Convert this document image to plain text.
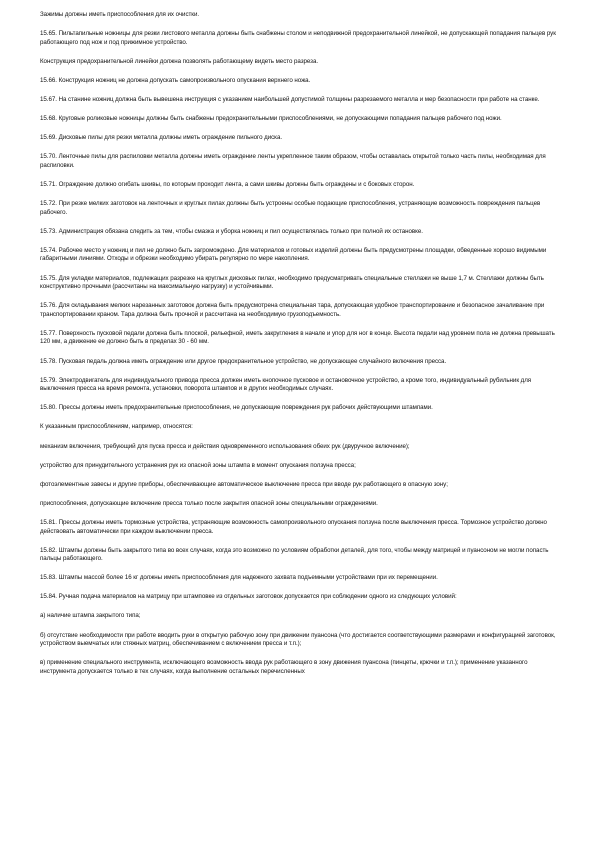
Зажимы должны иметь приспособления для их очистки.

15.65. Пильтапильные ножницы для резки листового металла должны быть снабжены столом и неподвижной предохранительной линейкой, не допускающей попадания пальцев рук работающего под нож и под прижимное устройство.

Конструкция предохранительной линейки должна позволять работающему видеть место разреза.

15.66. Конструкция ножниц не должна допускать самопроизвольного опускания верхнего ножа.

15.67. На станине ножниц должна быть вывешена инструкция с указанием наибольшей допустимой толщины разрезаемого металла и мер безопасности при работе на станке.

15.68. Круговые роликовые ножницы должны быть снабжены предохранительными приспособлениями, не допускающими попадания пальцев рабочего под ножи.

15.69. Дисковые пилы для резки металла должны иметь ограждение пильного диска.

15.70. Ленточные пилы для распиловки металла должны иметь ограждение ленты укрепленное таким образом, чтобы оставалась открытой только часть пилы, необходимая для распиловки.

15.71. Ограждение должно огибать шкивы, по которым проходит лента, а сами шкивы должны быть ограждены и с боковых сторон.

15.72. При резке мелких заготовок на ленточных и круглых пилах должны быть устроены особые подающие приспособления, устраняющие возможность повреждения пальцев рабочего.

15.73. Администрация обязана следить за тем, чтобы смазка и уборка ножниц и пил осуществлялась только при полной их остановке.

15.74. Рабочее место у ножниц и пил не должно быть загромождено. Для материалов и готовых изделий должны быть предусмотрены площадки, обведенные хорошо видимыми габаритными линиями. Отходы и обрезки необходимо убирать регулярно по мере накопления.

15.75. Для укладки материалов, подлежащих разрезке на круглых дисковых пилах, необходимо предусматривать специальные стеллажи не выше 1,7 м. Стеллажи должны быть конструктивно прочными (рассчитаны на максимальную нагрузку) и устойчивыми.

15.76. Для складывания мелких нарезанных заготовок должна быть предусмотрена специальная тара, допускающая удобное транспортирование и безопасное зачаливание при транспортировании краном. Тара должна быть прочной и рассчитана на необходимую грузоподъемность.

15.77. Поверхность пусковой педали должна быть плоской, рельефной, иметь закругления в начале и упор для ног в конце. Высота педали над уровнем пола не должна превышать 120 мм, а движение ее должно быть в пределах 30 - 60 мм.

15.78. Пусковая педаль должна иметь ограждение или другое предохранительное устройство, не допускающее случайного включения пресса.

15.79. Электродвигатель для индивидуального привода пресса должен иметь кнопочное пусковое и остановочное устройство, а кроме того, индивидуальный рубильник для выключения пресса на время ремонта, установки, поворота штампов и в других необходимых случаях.

15.80. Прессы должны иметь предохранительные приспособления, не допускающие повреждения рук рабочих действующими штампами.

К указанным приспособлениям, например, относятся:

механизм включения, требующий для пуска пресса и действия одновременного использования обеих рук (двуручное включение);

устройство для принудительного устранения рук из опасной зоны штампа в момент опускания ползуна пресса;

фотоэлементные завесы и другие приборы, обеспечивающие автоматическое выключение пресса при вводе рук работающего в опасную зону;

приспособления, допускающие включение пресса только после закрытия опасной зоны специальными ограждениями.

15.81. Прессы должны иметь тормозные устройства, устраняющие возможность самопроизвольного опускания ползуна после выключения пресса. Тормозное устройство должно действовать автоматически при каждом выключении пресса.

15.82. Штампы должны быть закрытого типа во всех случаях, когда это возможно по условиям обработки деталей, для того, чтобы между матрицей и пуансоном не могли попасть пальцы работающего.

15.83. Штампы массой более 16 кг должны иметь приспособления для надежного захвата подъемными устройствами при их перемещении.

15.84. Ручная подача материалов на матрицу при штамповке из отдельных заготовок допускается при соблюдении одного из следующих условий:

а) наличие штампа закрытого типа;

б) отсутствие необходимости при работе вводить руки в открытую рабочую зону при движении пуансона (что достигается соответствующими размерами и конфигурацией заготовок, устройством выемчатых или стяжных матриц, обеспечиванием с включением пресса и т.п.);

в) применение специального инструмента, исключающего возможность ввода рук работающего в зону движения пуансона (пинцеты, крючки и т.п.); применение указанного инструмента допускается только в тех случаях, когда выполнение остальных перечисленных
